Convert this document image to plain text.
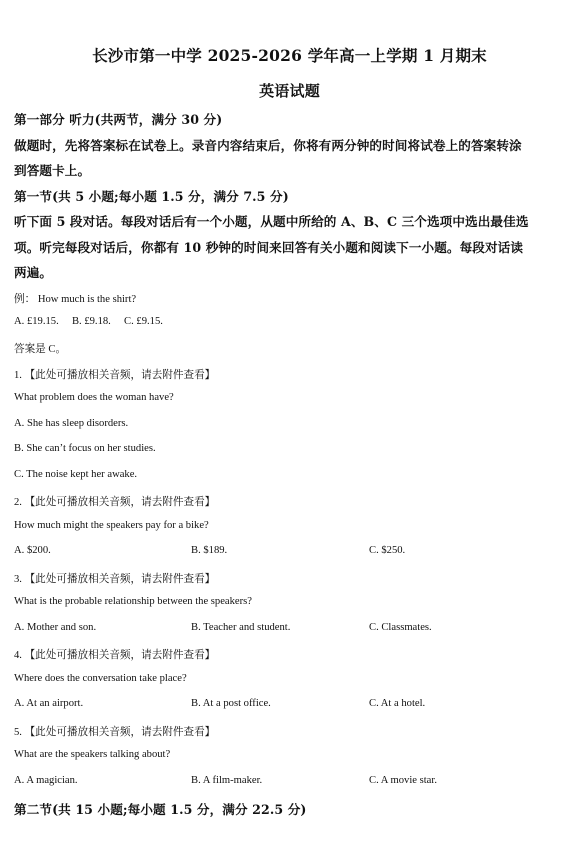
长沙市第一中学 2025-2026 学年高一上学期 1 月期末
英语试题
第一部分 听力(共两节，满分 30 分)
做题时，先将答案标在试卷上。录音内容结束后，你将有两分钟的时间将试卷上的答案转涂
到答题卡上。
第一节(共 5 小题;每小题 1.5 分，满分 7.5 分)
听下面 5 段对话。每段对话后有一个小题，从题中所给的 A、B、C 三个选项中选出最佳选
项。听完每段对话后，你都有 10 秒钟的时间来回答有关小题和阅读下一小题。每段对话读
两遍。
例： How much is the shirt?
A. £19.15.     B. £9.18.     C. £9.15.
答案是 C。
1. 【此处可播放相关音频，请去附件查看】
What problem does the woman have?
A. She has sleep disorders.
B. She can’t focus on her studies.
C. The noise kept her awake.
2. 【此处可播放相关音频，请去附件查看】
How much might the speakers pay for a bike?
A. $200.	B. $189.	C. $250.
3. 【此处可播放相关音频，请去附件查看】
What is the probable relationship between the speakers?
A. Mother and son.	B. Teacher and student.	C. Classmates.
4. 【此处可播放相关音频，请去附件查看】
Where does the conversation take place?
A. At an airport.	B. At a post office.	C. At a hotel.
5. 【此处可播放相关音频，请去附件查看】
What are the speakers talking about?
A. A magician.	B. A film-maker.	C. A movie star.
第二节(共 15 小题;每小题 1.5 分，满分 22.5 分)
